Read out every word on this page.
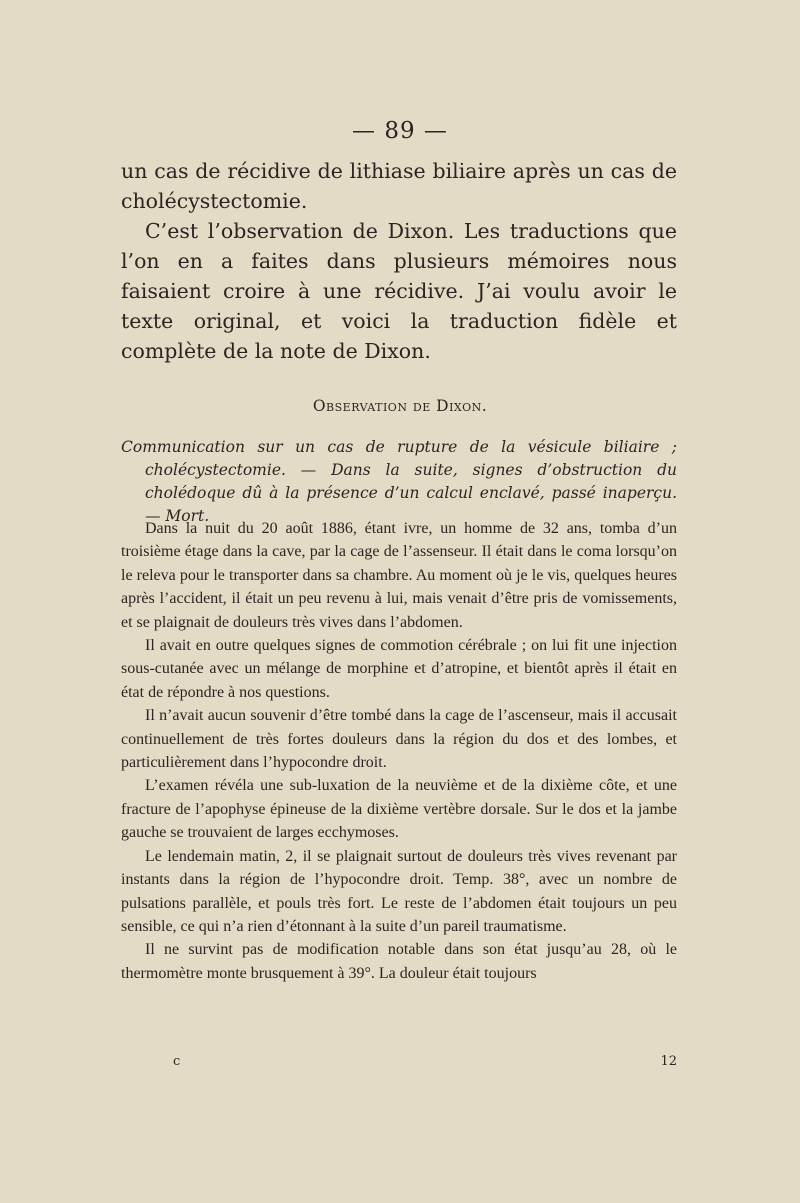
— 89 —

un cas de récidive de lithiase biliaire après un cas de cholécystectomie.

C’est l’observation de Dixon. Les traductions que l’on en a faites dans plusieurs mémoires nous faisaient croire à une récidive. J’ai voulu avoir le texte original, et voici la traduction fidèle et complète de la note de Dixon.

Observation de Dixon.

Communication sur un cas de rupture de la vésicule biliaire ; cholécystectomie. — Dans la suite, signes d’obstruction du cholédoque dû à la présence d’un calcul enclavé, passé inaperçu. — Mort.

Dans la nuit du 20 août 1886, étant ivre, un homme de 32 ans, tomba d’un troisième étage dans la cave, par la cage de l’assenseur. Il était dans le coma lorsqu’on le releva pour le transporter dans sa chambre. Au moment où je le vis, quelques heures après l’accident, il était un peu revenu à lui, mais venait d’être pris de vomissements, et se plaignait de douleurs très vives dans l’abdomen.

Il avait en outre quelques signes de commotion cérébrale ; on lui fit une injection sous-cutanée avec un mélange de morphine et d’atropine, et bientôt après il était en état de répondre à nos questions.

Il n’avait aucun souvenir d’être tombé dans la cage de l’ascenseur, mais il accusait continuellement de très fortes douleurs dans la région du dos et des lombes, et particulièrement dans l’hypocondre droit.

L’examen révéla une sub-luxation de la neuvième et de la dixième côte, et une fracture de l’apophyse épineuse de la dixième vertèbre dorsale. Sur le dos et la jambe gauche se trouvaient de larges ecchymoses.

Le lendemain matin, 2, il se plaignait surtout de douleurs très vives revenant par instants dans la région de l’hypocondre droit. Temp. 38°, avec un nombre de pulsations parallèle, et pouls très fort. Le reste de l’abdomen était toujours un peu sensible, ce qui n’a rien d’étonnant à la suite d’un pareil traumatisme.

Il ne survint pas de modification notable dans son état jusqu’au 28, où le thermomètre monte brusquement à 39°. La douleur était toujours

c	12
